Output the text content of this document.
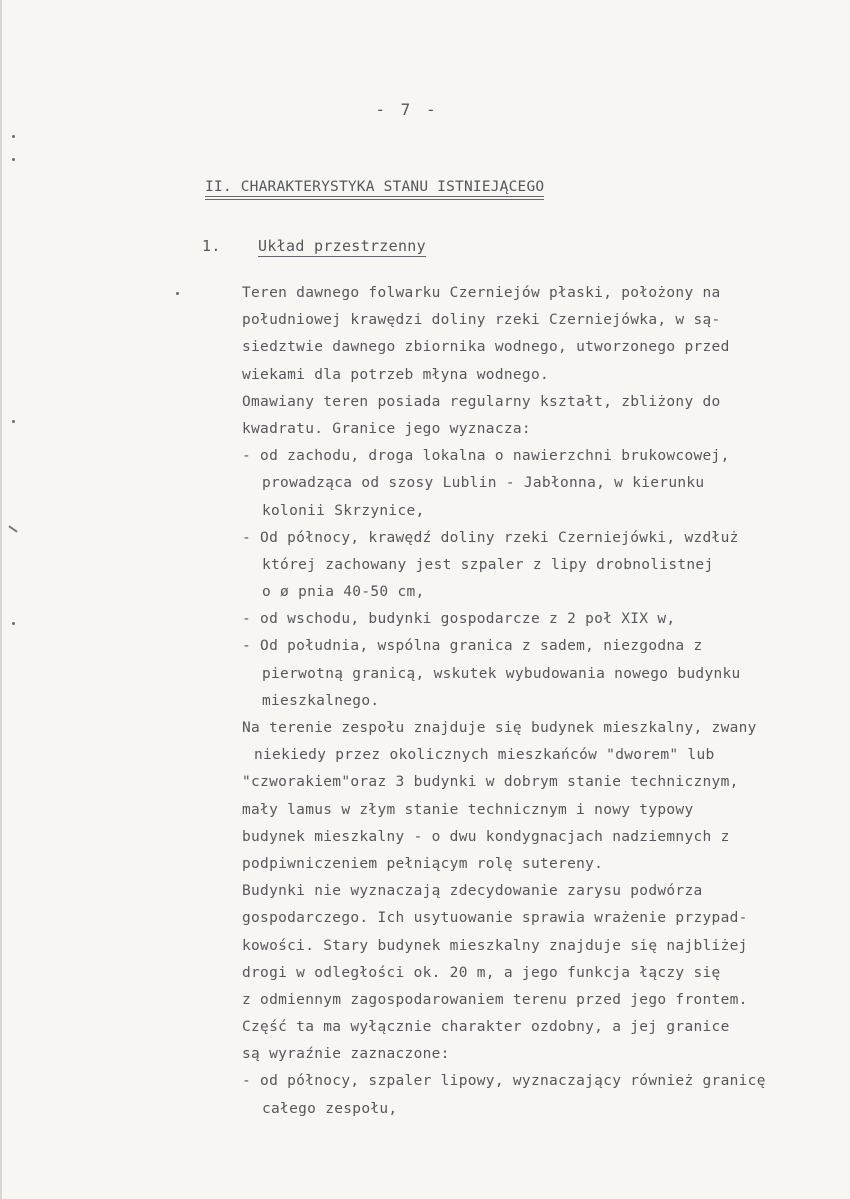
- 7 -
II. CHARAKTERYSTYKA STANU ISTNIEJĄCEGO
1. Układ przestrzenny

Teren dawnego folwarku Czerniejów płaski, położony na

południowej krawędzi doliny rzeki Czerniejówka, w są-

siedztwie dawnego zbiornika wodnego, utworzonego przed

wiekami dla potrzeb młyna wodnego.

Omawiany teren posiada regularny kształt, zbliżony do

kwadratu. Granice jego wyznacza:

- od zachodu, droga lokalna o nawierzchni brukowcowej,

prowadząca od szosy Lublin - Jabłonna, w kierunku

kolonii Skrzynice,

- Od północy, krawędź doliny rzeki Czerniejówki, wzdłuż

której zachowany jest szpaler z lipy drobnolistnej

o ø pnia 40-50 cm,

- od wschodu, budynki gospodarcze z 2 poł XIX w,

- Od południa, wspólna granica z sadem, niezgodna z

pierwotną granicą, wskutek wybudowania nowego budynku

mieszkalnego.

Na terenie zespołu znajduje się budynek mieszkalny, zwany

niekiedy przez okolicznych mieszkańców "dworem" lub

"czworakiem"oraz 3 budynki w dobrym stanie technicznym,

mały lamus w złym stanie technicznym i nowy typowy

budynek mieszkalny - o dwu kondygnacjach nadziemnych z

podpiwniczeniem pełniącym rolę sutereny.

Budynki nie wyznaczają zdecydowanie zarysu podwórza

gospodarczego. Ich usytuowanie sprawia wrażenie przypad-

kowości. Stary budynek mieszkalny znajduje się najbliżej

drogi w odległości ok. 20 m, a jego funkcja łączy się

z odmiennym zagospodarowaniem terenu przed jego frontem.

Część ta ma wyłącznie charakter ozdobny, a jej granice

są wyraźnie zaznaczone:

- od północy, szpaler lipowy, wyznaczający również granicę

całego zespołu,
